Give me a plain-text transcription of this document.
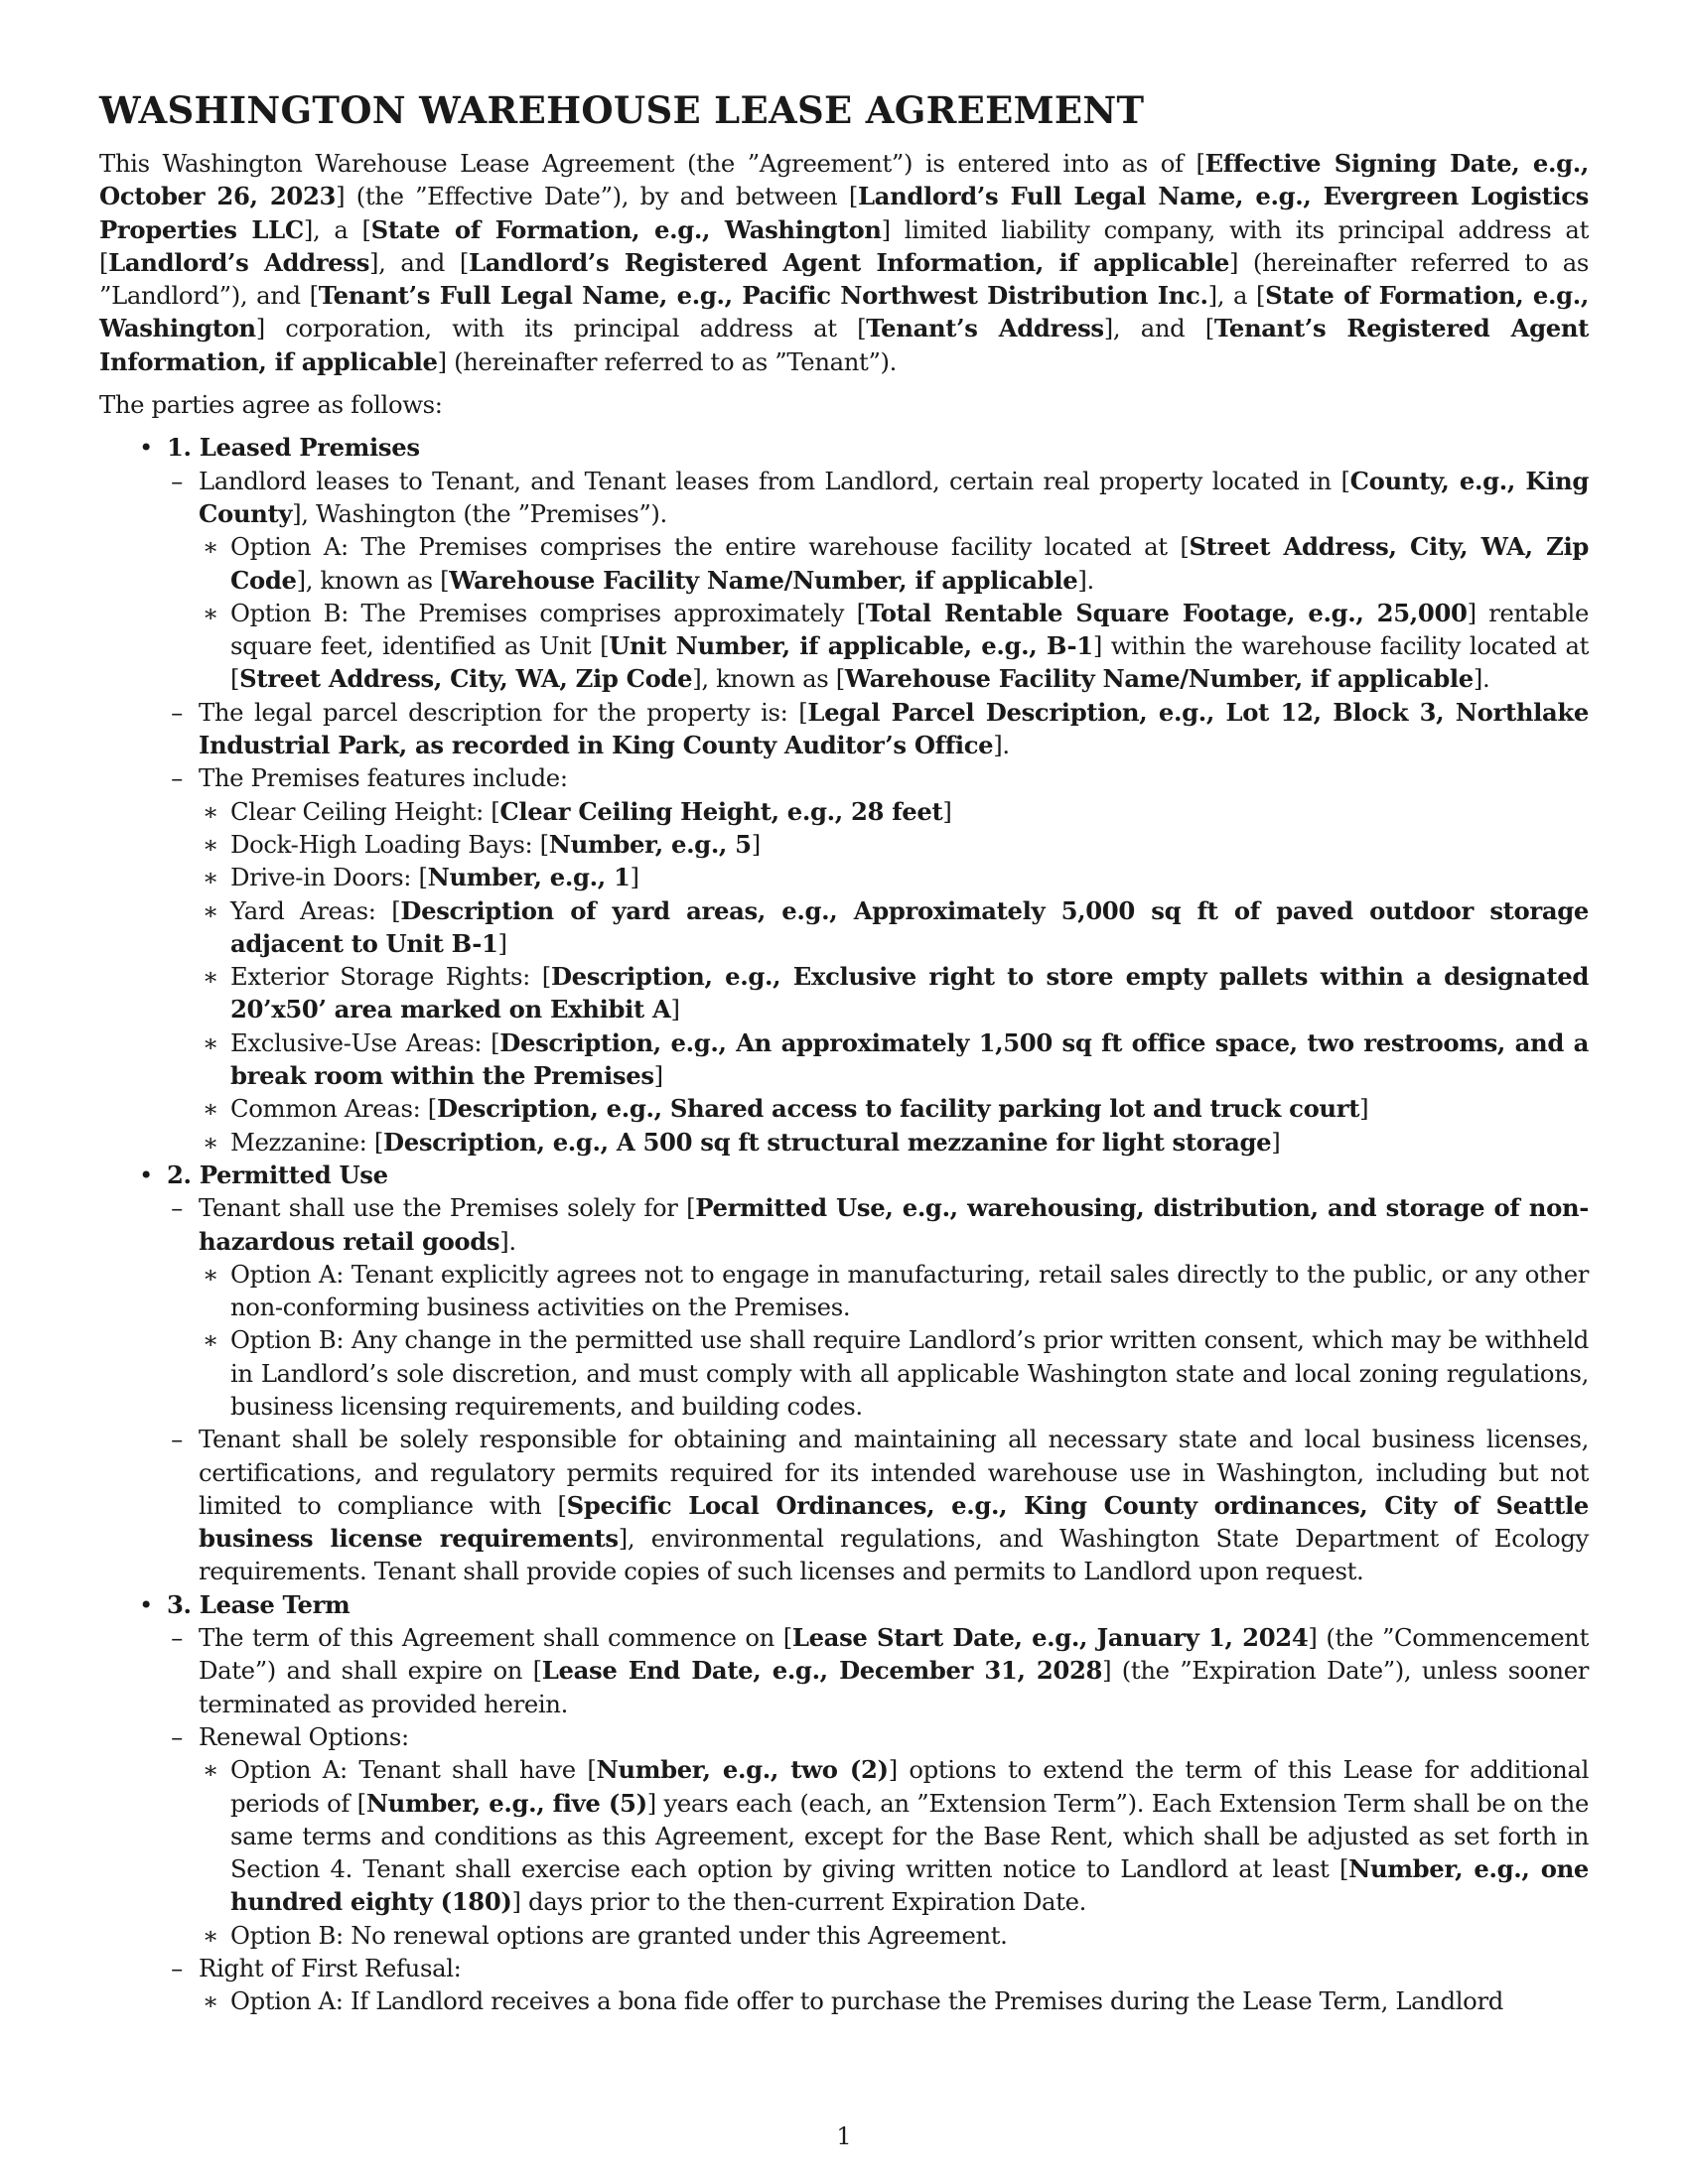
WASHINGTON WAREHOUSE LEASE AGREEMENT

This Washington Warehouse Lease Agreement (the ”Agreement”) is entered into as of [Effective Signing Date, e.g., October 26, 2023] (the ”Effective Date”), by and between [Landlord’s Full Legal Name, e.g., Evergreen Logistics Properties LLC], a [State of Formation, e.g., Washington] limited liability company, with its principal address at [Landlord’s Address], and [Landlord’s Registered Agent Information, if applicable] (hereinafter referred to as ”Landlord”), and [Tenant’s Full Legal Name, e.g., Pacific Northwest Distribution Inc.], a [State of Formation, e.g., Washington] corporation, with its principal address at [Tenant’s Address], and [Tenant’s Registered Agent Information, if applicable] (hereinafter referred to as ”Tenant”).

The parties agree as follows:

• 1. Leased Premises
– Landlord leases to Tenant, and Tenant leases from Landlord, certain real property located in [County, e.g., King County], Washington (the ”Premises”).
∗ Option A: The Premises comprises the entire warehouse facility located at [Street Address, City, WA, Zip Code], known as [Warehouse Facility Name/Number, if applicable].
∗ Option B: The Premises comprises approximately [Total Rentable Square Footage, e.g., 25,000] rentable square feet, identified as Unit [Unit Number, if applicable, e.g., B-1] within the warehouse facility located at [Street Address, City, WA, Zip Code], known as [Warehouse Facility Name/Number, if applicable].
– The legal parcel description for the property is: [Legal Parcel Description, e.g., Lot 12, Block 3, Northlake Industrial Park, as recorded in King County Auditor’s Office].
– The Premises features include:
∗ Clear Ceiling Height: [Clear Ceiling Height, e.g., 28 feet]
∗ Dock-High Loading Bays: [Number, e.g., 5]
∗ Drive-in Doors: [Number, e.g., 1]
∗ Yard Areas: [Description of yard areas, e.g., Approximately 5,000 sq ft of paved outdoor storage adjacent to Unit B-1]
∗ Exterior Storage Rights: [Description, e.g., Exclusive right to store empty pallets within a designated 20’x50’ area marked on Exhibit A]
∗ Exclusive-Use Areas: [Description, e.g., An approximately 1,500 sq ft office space, two restrooms, and a break room within the Premises]
∗ Common Areas: [Description, e.g., Shared access to facility parking lot and truck court]
∗ Mezzanine: [Description, e.g., A 500 sq ft structural mezzanine for light storage]
• 2. Permitted Use
– Tenant shall use the Premises solely for [Permitted Use, e.g., warehousing, distribution, and storage of non-hazardous retail goods].
∗ Option A: Tenant explicitly agrees not to engage in manufacturing, retail sales directly to the public, or any other non-conforming business activities on the Premises.
∗ Option B: Any change in the permitted use shall require Landlord’s prior written consent, which may be withheld in Landlord’s sole discretion, and must comply with all applicable Washington state and local zoning regulations, business licensing requirements, and building codes.
– Tenant shall be solely responsible for obtaining and maintaining all necessary state and local business licenses, certifications, and regulatory permits required for its intended warehouse use in Washington, including but not limited to compliance with [Specific Local Ordinances, e.g., King County ordinances, City of Seattle business license requirements], environmental regulations, and Washington State Department of Ecology requirements. Tenant shall provide copies of such licenses and permits to Landlord upon request.
• 3. Lease Term
– The term of this Agreement shall commence on [Lease Start Date, e.g., January 1, 2024] (the ”Commencement Date”) and shall expire on [Lease End Date, e.g., December 31, 2028] (the ”Expiration Date”), unless sooner terminated as provided herein.
– Renewal Options:
∗ Option A: Tenant shall have [Number, e.g., two (2)] options to extend the term of this Lease for additional periods of [Number, e.g., five (5)] years each (each, an ”Extension Term”). Each Extension Term shall be on the same terms and conditions as this Agreement, except for the Base Rent, which shall be adjusted as set forth in Section 4. Tenant shall exercise each option by giving written notice to Landlord at least [Number, e.g., one hundred eighty (180)] days prior to the then-current Expiration Date.
∗ Option B: No renewal options are granted under this Agreement.
– Right of First Refusal:
∗ Option A: If Landlord receives a bona fide offer to purchase the Premises during the Lease Term, Landlord
1
